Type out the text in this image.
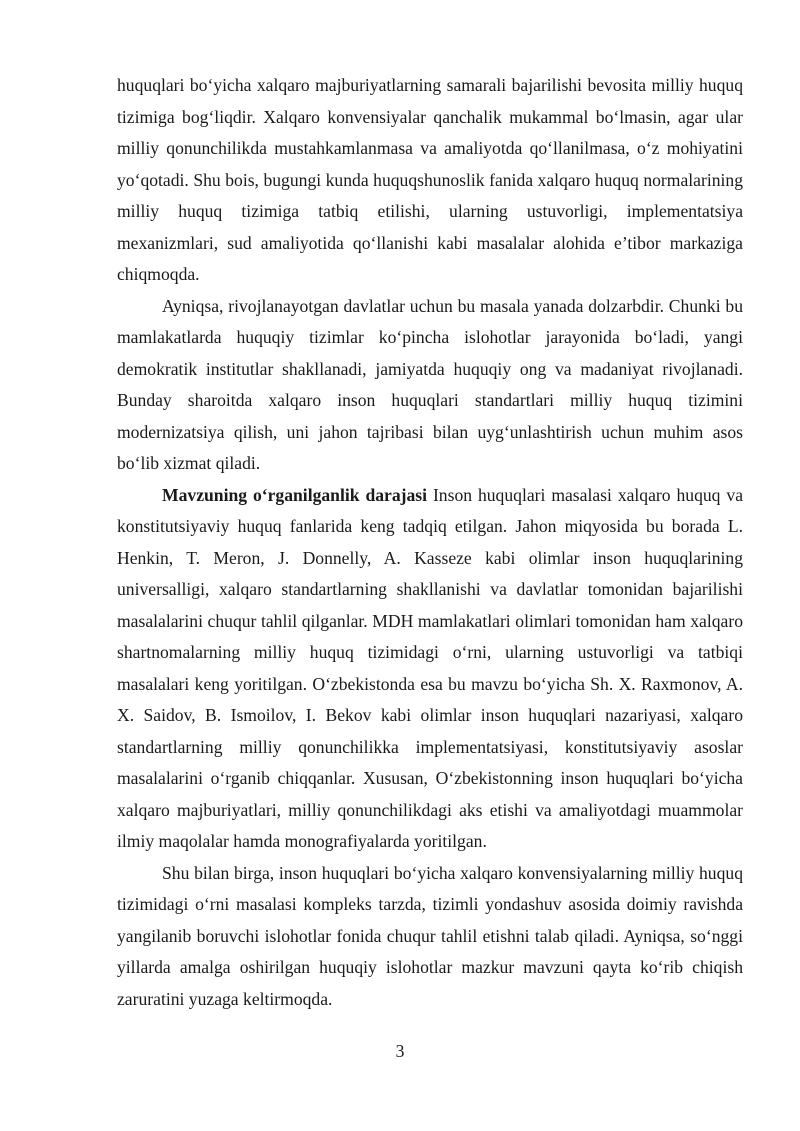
huquqlari boʻyicha xalqaro majburiyatlarning samarali bajarilishi bevosita milliy huquq tizimiga bogʻliqdir. Xalqaro konvensiyalar qanchalik mukammal boʻlmasin, agar ular milliy qonunchilikda mustahkamlanmasa va amaliyotda qoʻllanilmasa, oʻz mohiyatini yoʻqotadi. Shu bois, bugungi kunda huquqshunoslik fanida xalqaro huquq normalarining milliy huquq tizimiga tatbiq etilishi, ularning ustuvorligi, implementatsiya mexanizmlari, sud amaliyotida qoʻllanishi kabi masalalar alohida e’tibor markaziga chiqmoqda.

Ayniqsa, rivojlanayotgan davlatlar uchun bu masala yanada dolzarbdir. Chunki bu mamlakatlarda huquqiy tizimlar koʻpincha islohotlar jarayonida boʻladi, yangi demokratik institutlar shakllanadi, jamiyatda huquqiy ong va madaniyat rivojlanadi. Bunday sharoitda xalqaro inson huquqlari standartlari milliy huquq tizimini modernizatsiya qilish, uni jahon tajribasi bilan uygʻunlashtirish uchun muhim asos boʻlib xizmat qiladi.

Mavzuning oʻrganilganlik darajasi Inson huquqlari masalasi xalqaro huquq va konstitutsiyaviy huquq fanlarida keng tadqiq etilgan. Jahon miqyosida bu borada L. Henkin, T. Meron, J. Donnelly, A. Kasseze kabi olimlar inson huquqlarining universalligi, xalqaro standartlarning shakllanishi va davlatlar tomonidan bajarilishi masalalarini chuqur tahlil qilganlar. MDH mamlakatlari olimlari tomonidan ham xalqaro shartnomalarning milliy huquq tizimidagi oʻrni, ularning ustuvorligi va tatbiqi masalalari keng yoritilgan. Oʻzbekistonda esa bu mavzu boʻyicha Sh. X. Raxmonov, A. X. Saidov, B. Ismoilov, I. Bekov kabi olimlar inson huquqlari nazariyasi, xalqaro standartlarning milliy qonunchilikka implementatsiyasi, konstitutsiyaviy asoslar masalalarini oʻrganib chiqqanlar. Xususan, Oʻzbekistonning inson huquqlari boʻyicha xalqaro majburiyatlari, milliy qonunchilikdagi aks etishi va amaliyotdagi muammolar ilmiy maqolalar hamda monografiyalarda yoritilgan.

Shu bilan birga, inson huquqlari boʻyicha xalqaro konvensiyalarning milliy huquq tizimidagi oʻrni masalasi kompleks tarzda, tizimli yondashuv asosida doimiy ravishda yangilanib boruvchi islohotlar fonida chuqur tahlil etishni talab qiladi. Ayniqsa, soʻnggi yillarda amalga oshirilgan huquqiy islohotlar mazkur mavzuni qayta koʻrib chiqish zaruratini yuzaga keltirmoqda.

3
